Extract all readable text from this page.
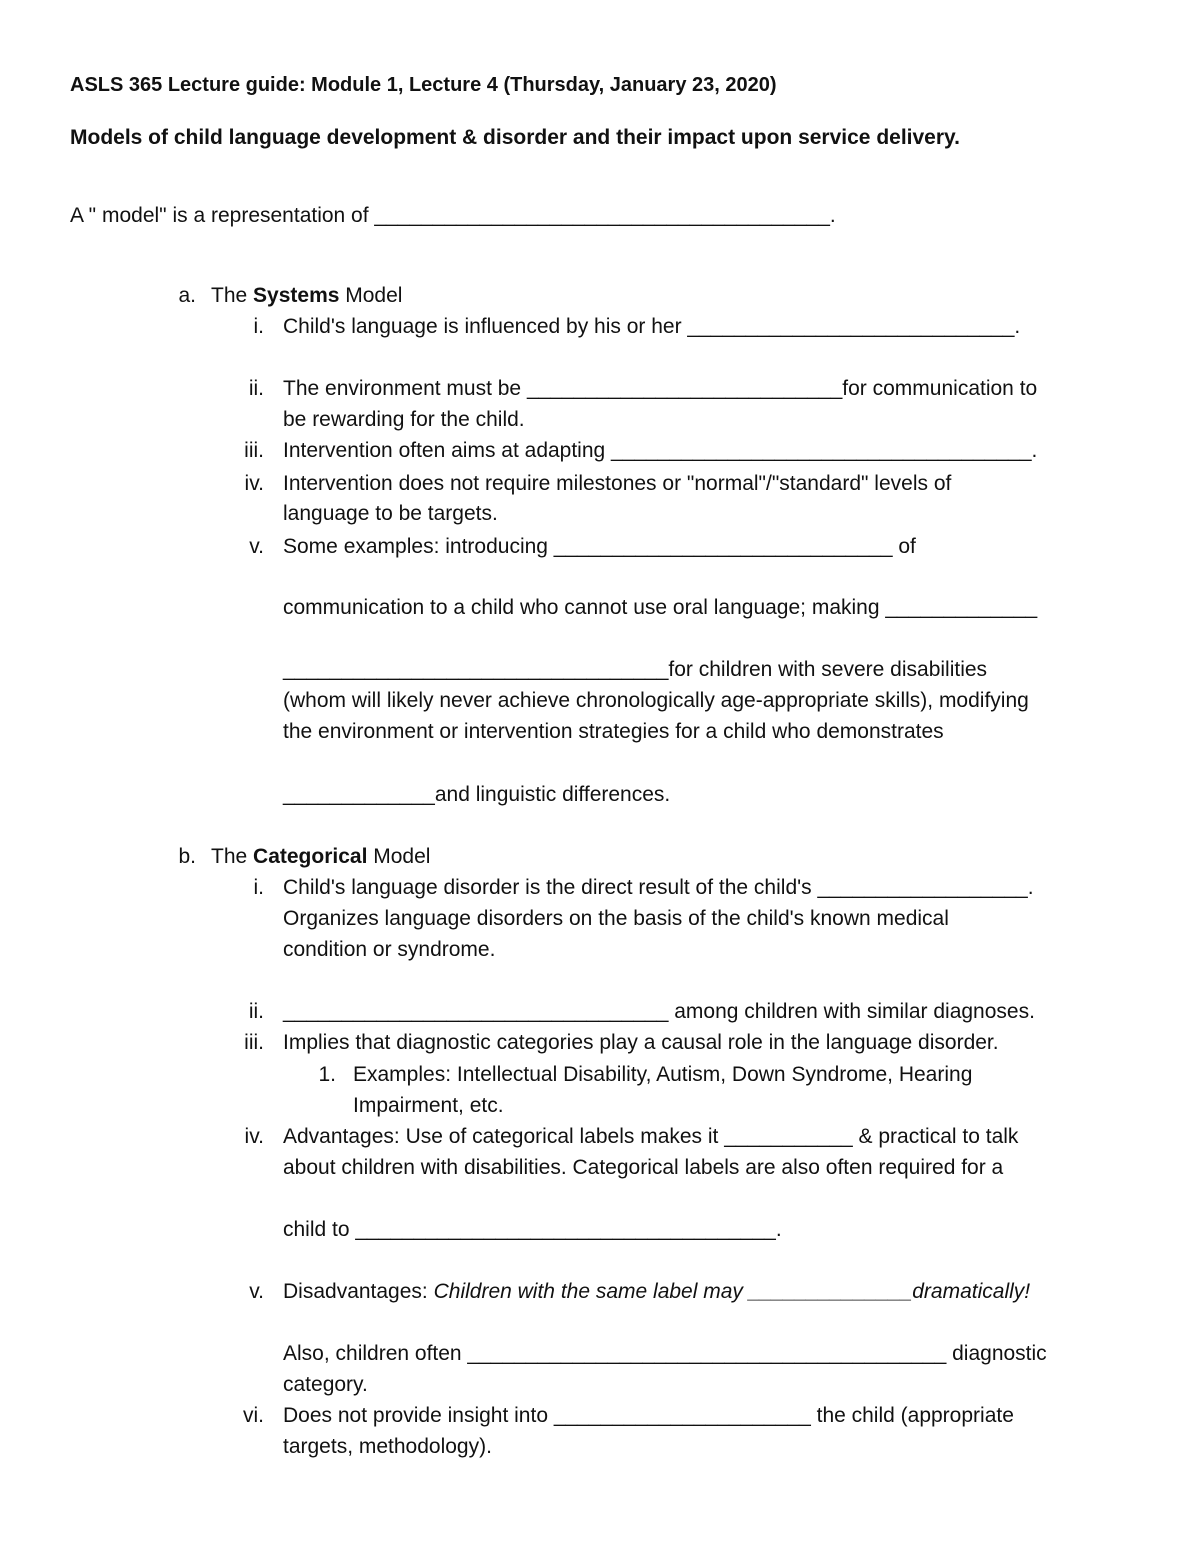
ASLS 365 Lecture guide: Module 1, Lecture 4 (Thursday, January 23, 2020)
Models of child language development & disorder and their impact upon service delivery.
A " model" is a representation of _______________________________________.
a. The Systems Model
i. Child's language is influenced by his or her ____________________________.
ii. The environment must be ___________________________for communication to
be rewarding for the child.
iii. Intervention often aims at adapting ____________________________________.
iv. Intervention does not require milestones or "normal"/"standard" levels of
language to be targets.
v. Some examples: introducing _____________________________ of
communication to a child who cannot use oral language; making _____________
_________________________________for children with severe disabilities
(whom will likely never achieve chronologically age-appropriate skills), modifying
the environment or intervention strategies for a child who demonstrates
_____________and linguistic differences.
b. The Categorical Model
i. Child's language disorder is the direct result of the child's __________________.
Organizes language disorders on the basis of the child's known medical
condition or syndrome.
ii. _________________________________ among children with similar diagnoses.
iii. Implies that diagnostic categories play a causal role in the language disorder.
1. Examples: Intellectual Disability, Autism, Down Syndrome, Hearing
Impairment, etc.
iv. Advantages: Use of categorical labels makes it ___________ & practical to talk
about children with disabilities. Categorical labels are also often required for a
child to ____________________________________.
v. Disadvantages: Children with the same label may ______________dramatically!
Also, children often _________________________________________ diagnostic
category.
vi. Does not provide insight into ______________________ the child (appropriate
targets, methodology).
